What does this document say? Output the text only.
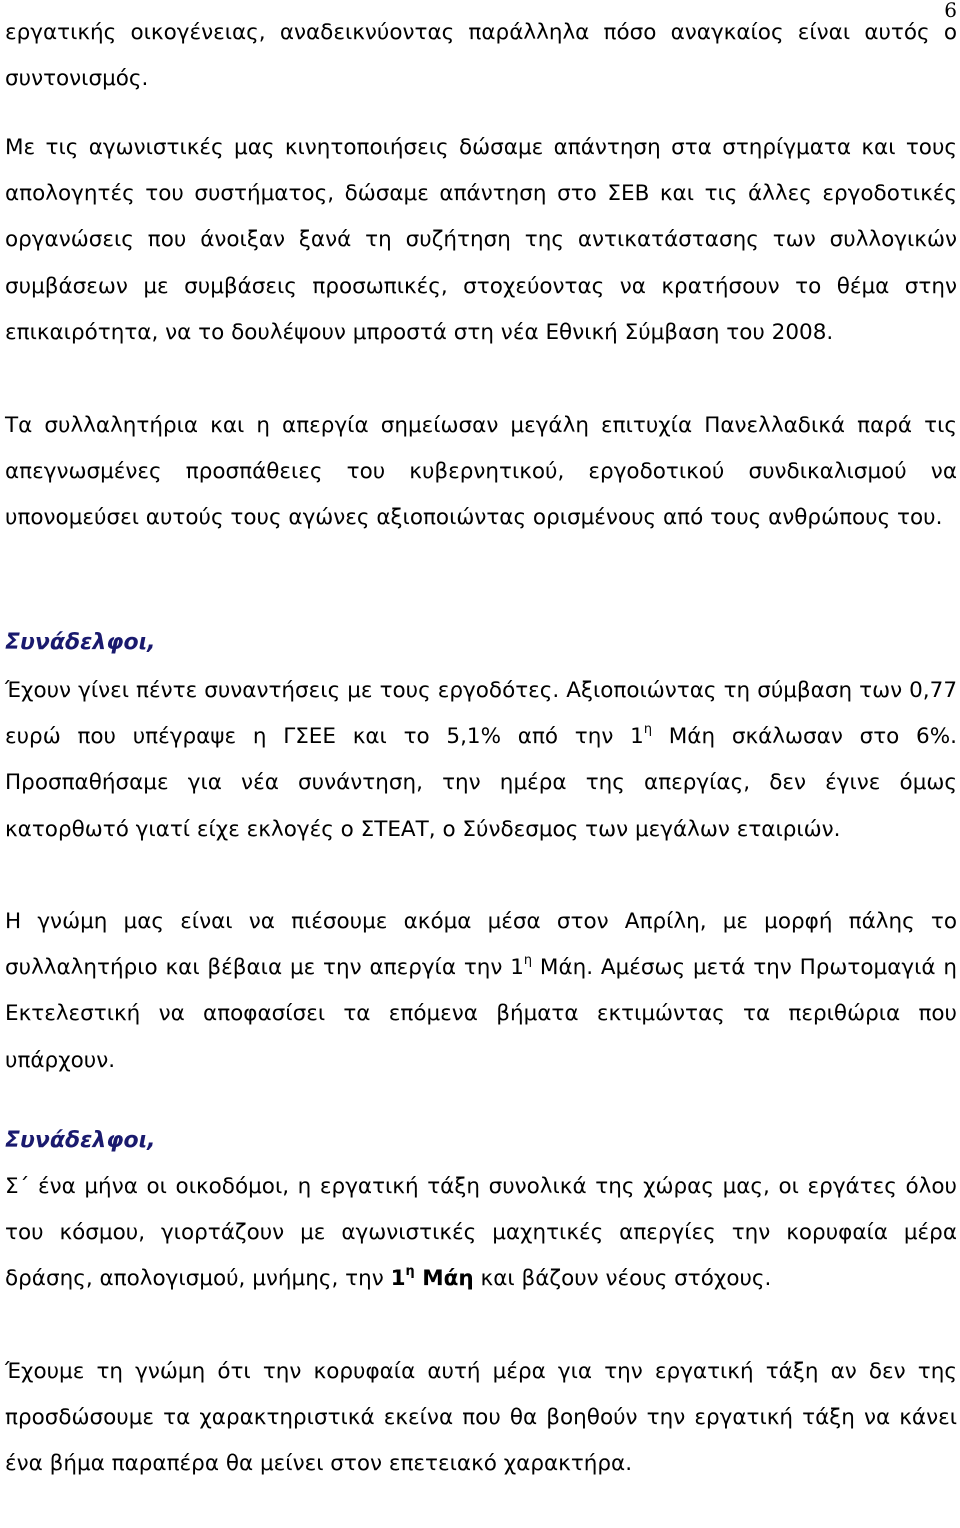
6

εργατικής οικογένειας, αναδεικνύοντας παράλληλα πόσο αναγκαίος είναι αυτός ο συντονισμός.

Με τις αγωνιστικές μας κινητοποιήσεις δώσαμε απάντηση στα στηρίγματα και τους απολογητές του συστήματος, δώσαμε απάντηση στο ΣΕΒ και τις άλλες εργοδοτικές οργανώσεις που άνοιξαν ξανά τη συζήτηση της αντικατάστασης των συλλογικών συμβάσεων με συμβάσεις προσωπικές, στοχεύοντας να κρατήσουν το θέμα στην επικαιρότητα, να το δουλέψουν μπροστά στη νέα Εθνική Σύμβαση του 2008.

Τα συλλαλητήρια και η απεργία σημείωσαν μεγάλη επιτυχία Πανελλαδικά παρά τις απεγνωσμένες προσπάθειες του κυβερνητικού, εργοδοτικού συνδικαλισμού να υπονομεύσει αυτούς τους αγώνες αξιοποιώντας ορισμένους από τους ανθρώπους του.

Συνάδελφοι,

Έχουν γίνει πέντε συναντήσεις με τους εργοδότες. Αξιοποιώντας τη σύμβαση των 0,77 ευρώ που υπέγραψε η ΓΣΕΕ και το 5,1% από την $1^\eta$ Μάη σκάλωσαν στο 6%. Προσπαθήσαμε για νέα συνάντηση, την ημέρα της απεργίας, δεν έγινε όμως κατορθωτό γιατί είχε εκλογές ο ΣΤΕΑΤ, ο Σύνδεσμος των μεγάλων εταιριών.

Η γνώμη μας είναι να πιέσουμε ακόμα μέσα στον Απρίλη, με μορφή πάλης το συλλαλητήριο και βέβαια με την απεργία την $1^\eta$ Μάη. Αμέσως μετά την Πρωτομαγιά η Εκτελεστική να αποφασίσει τα επόμενα βήματα εκτιμώντας τα περιθώρια που υπάρχουν.

Συνάδελφοι,

Σ΄ ένα μήνα οι οικοδόμοι, η εργατική τάξη συνολικά της χώρας μας, οι εργάτες όλου του κόσμου, γιορτάζουν με αγωνιστικές μαχητικές απεργίες την κορυφαία μέρα δράσης, απολογισμού, μνήμης, την $1^\eta$ Μάη και βάζουν νέους στόχους.

Έχουμε τη γνώμη ότι την κορυφαία αυτή μέρα για την εργατική τάξη αν δεν της προσδώσουμε τα χαρακτηριστικά εκείνα που θα βοηθούν την εργατική τάξη να κάνει ένα βήμα παραπέρα θα μείνει στον επετειακό χαρακτήρα.
